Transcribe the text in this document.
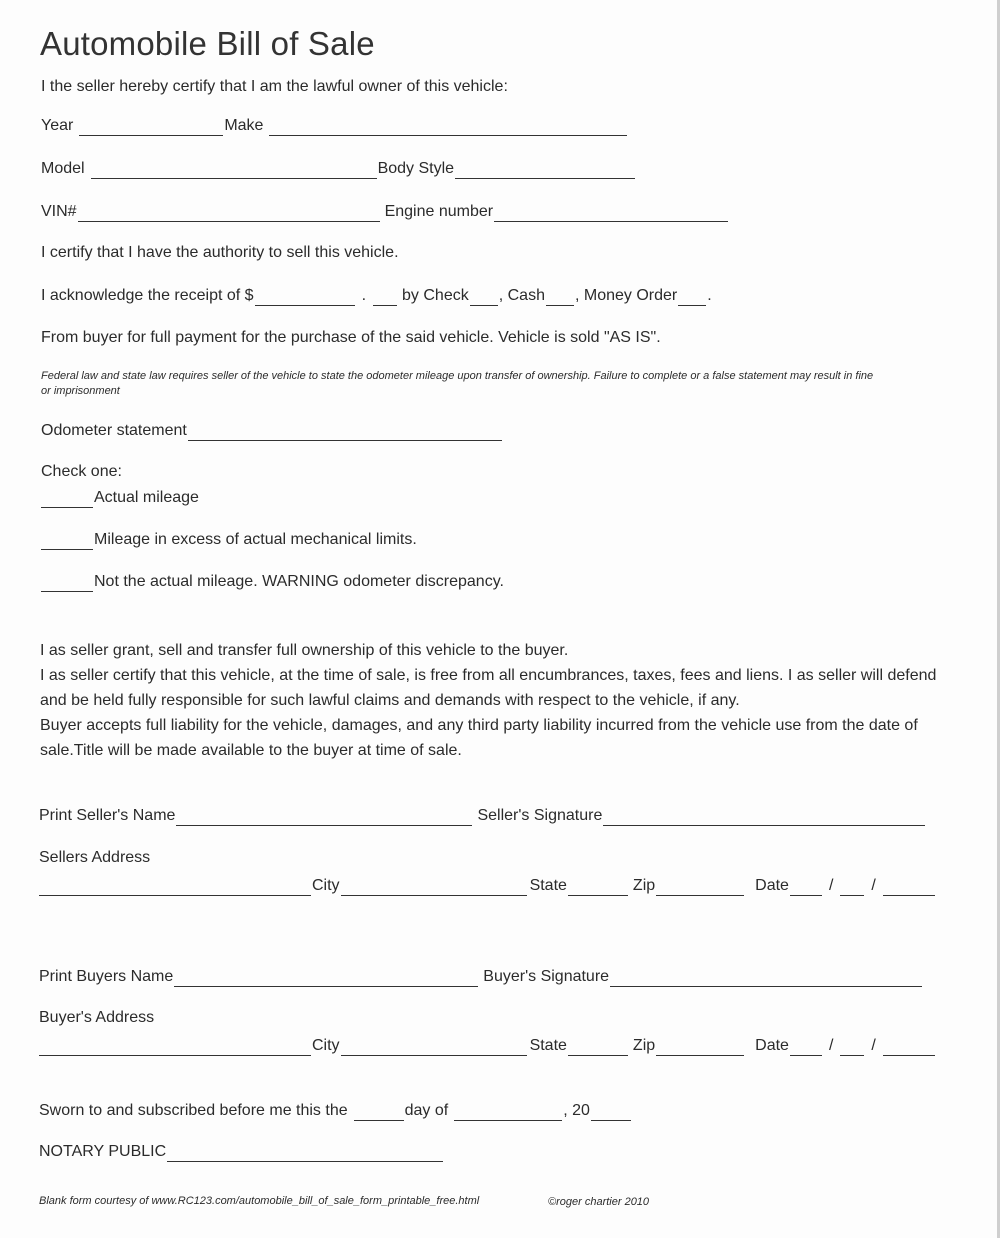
Automobile Bill of Sale
I the seller hereby certify that I am the lawful owner of this vehicle:
Year	Make
Model	Body Style
VIN#	Engine number
I certify that I have the authority to sell this vehicle.
I acknowledge the receipt of $	. by Check , Cash , Money Order .
From buyer for full payment for the purchase of the said vehicle. Vehicle is sold "AS IS".
Federal law and state law requires seller of the vehicle to state the odometer mileage upon transfer of ownership. Failure to complete or a false statement may result in fine
or imprisonment
Odometer statement
Check one:
Actual mileage
Mileage in excess of actual mechanical limits.
Not the actual mileage. WARNING odometer discrepancy.

I as seller grant, sell and transfer full ownership of this vehicle to the buyer.

I as seller certify that this vehicle, at the time of sale, is free from all encumbrances, taxes, fees and liens. I as seller will defend and be held fully responsible for such lawful claims and demands with respect to the vehicle, if any.

Buyer accepts full liability for the vehicle, damages, and any third party liability incurred from the vehicle use from the date of sale.Title will be made available to the buyer at time of sale.

Print Seller's Name	Seller's Signature
Sellers Address
City	State	Zip	Date	/ /
Print Buyers Name	Buyer's Signature
Buyer's Address
City	State	Zip	Date	/ /
Sworn to and subscribed before me this the	day of	, 20
NOTARY PUBLIC
Blank form courtesy of www.RC123.com/automobile_bill_of_sale_form_printable_free.html	©roger chartier 2010
